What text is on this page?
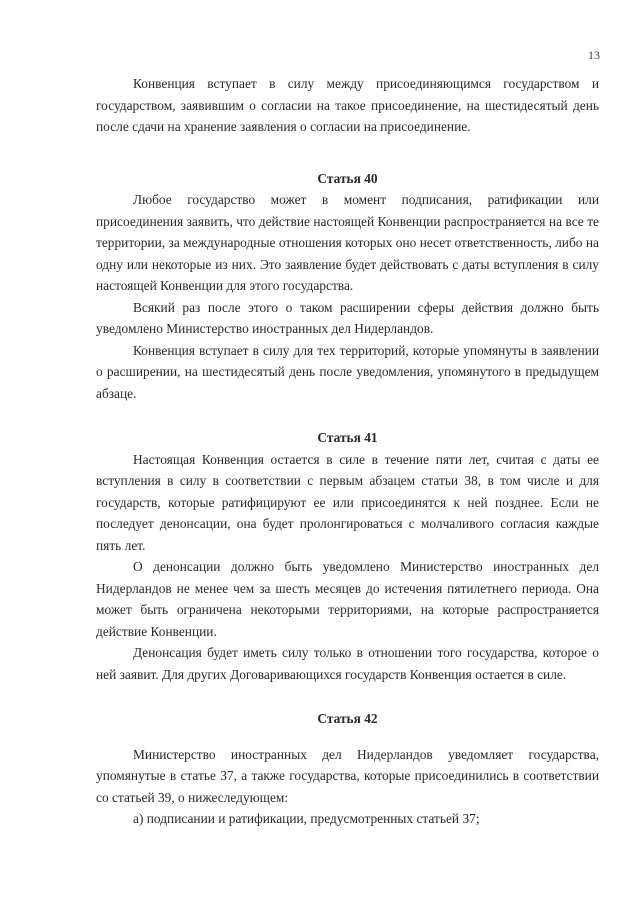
13

Конвенция вступает в силу между присоединяющимся государством и государством, заявившим о согласии на такое присоединение, на шестидесятый день после сдачи на хранение заявления о согласии на присоединение.

Статья 40

Любое государство может в момент подписания, ратификации или присоединения заявить, что действие настоящей Конвенции распространяется на все те территории, за международные отношения которых оно несет ответственность, либо на одну или некоторые из них. Это заявление будет действовать с даты вступления в силу настоящей Конвенции для этого государства.

Всякий раз после этого о таком расширении сферы действия должно быть уведомлено Министерство иностранных дел Нидерландов.

Конвенция вступает в силу для тех территорий, которые упомянуты в заявлении о расширении, на шестидесятый день после уведомления, упомянутого в предыдущем абзаце.

Статья 41

Настоящая Конвенция остается в силе в течение пяти лет, считая с даты ее вступления в силу в соответствии с первым абзацем статьи 38, в том числе и для государств, которые ратифицируют ее или присоединятся к ней позднее. Если не последует денонсации, она будет пролонгироваться с молчаливого согласия каждые пять лет.

О денонсации должно быть уведомлено Министерство иностранных дел Нидерландов не менее чем за шесть месяцев до истечения пятилетнего периода. Она может быть ограничена некоторыми территориями, на которые распространяется действие Конвенции.

Денонсация будет иметь силу только в отношении того государства, которое о ней заявит. Для других Договаривающихся государств Конвенция остается в силе.

Статья 42

Министерство иностранных дел Нидерландов уведомляет государства, упомянутые в статье 37, а также государства, которые присоединились в соответствии со статьей 39, о нижеследующем:

a) подписании и ратификации, предусмотренных статьей 37;
